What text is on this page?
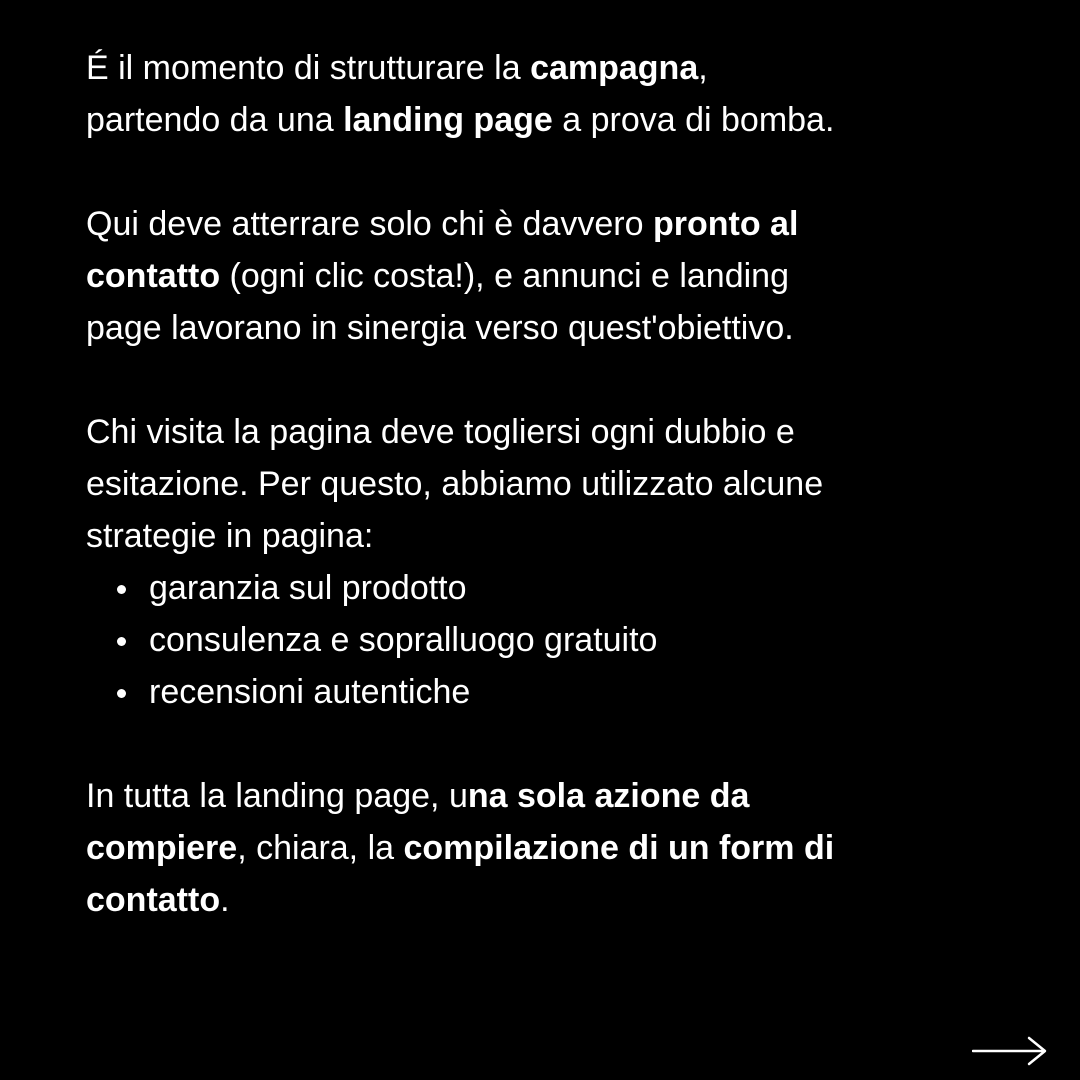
É il momento di strutturare la campagna,
partendo da una landing page a prova di bomba.

Qui deve atterrare solo chi è davvero pronto al
contatto (ogni clic costa!), e annunci e landing
page lavorano in sinergia verso quest'obiettivo.

Chi visita la pagina deve togliersi ogni dubbio e
esitazione. Per questo, abbiamo utilizzato alcune
strategie in pagina:

garanzia sul prodotto
consulenza e sopralluogo gratuito
recensioni autentiche

In tutta la landing page, una sola azione da
compiere, chiara, la compilazione di un form di
contatto.
